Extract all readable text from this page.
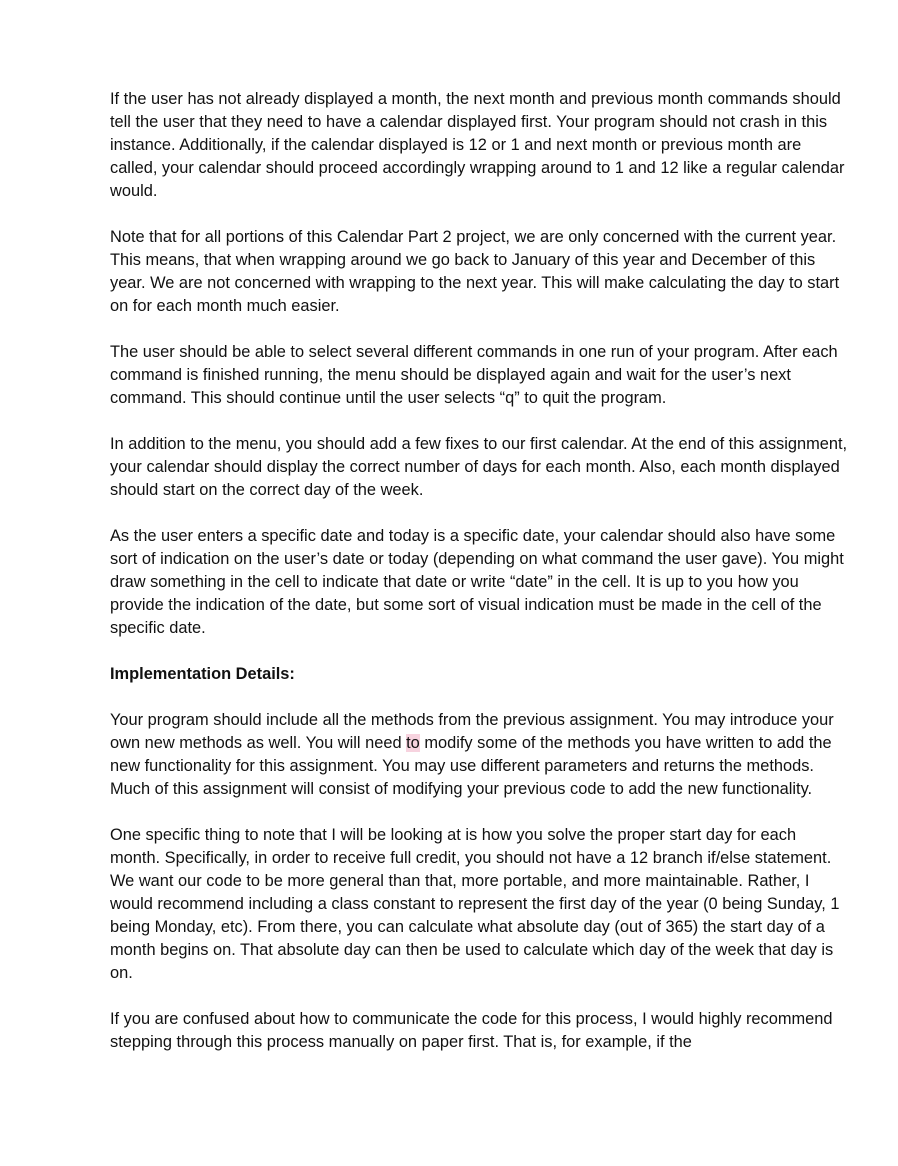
If the user has not already displayed a month, the next month and previous month commands should tell the user that they need to have a calendar displayed first. Your program should not crash in this instance. Additionally, if the calendar displayed is 12 or 1 and next month or previous month are called, your calendar should proceed accordingly wrapping around to 1 and 12 like a regular calendar would.

Note that for all portions of this Calendar Part 2 project, we are only concerned with the current year. This means, that when wrapping around we go back to January of this year and December of this year. We are not concerned with wrapping to the next year. This will make calculating the day to start on for each month much easier.

The user should be able to select several different commands in one run of your program. After each command is finished running, the menu should be displayed again and wait for the user’s next command. This should continue until the user selects “q” to quit the program.

In addition to the menu, you should add a few fixes to our first calendar. At the end of this assignment, your calendar should display the correct number of days for each month. Also, each month displayed should start on the correct day of the week.

As the user enters a specific date and today is a specific date, your calendar should also have some sort of indication on the user’s date or today (depending on what command the user gave). You might draw something in the cell to indicate that date or write “date” in the cell. It is up to you how you provide the indication of the date, but some sort of visual indication must be made in the cell of the specific date.

Implementation Details:

Your program should include all the methods from the previous assignment. You may introduce your own new methods as well. You will need to modify some of the methods you have written to add the new functionality for this assignment. You may use different parameters and returns the methods. Much of this assignment will consist of modifying your previous code to add the new functionality.

One specific thing to note that I will be looking at is how you solve the proper start day for each month. Specifically, in order to receive full credit, you should not have a 12 branch if/else statement. We want our code to be more general than that, more portable, and more maintainable. Rather, I would recommend including a class constant to represent the first day of the year (0 being Sunday, 1 being Monday, etc). From there, you can calculate what absolute day (out of 365) the start day of a month begins on. That absolute day can then be used to calculate which day of the week that day is on.

If you are confused about how to communicate the code for this process, I would highly recommend stepping through this process manually on paper first. That is, for example, if the
